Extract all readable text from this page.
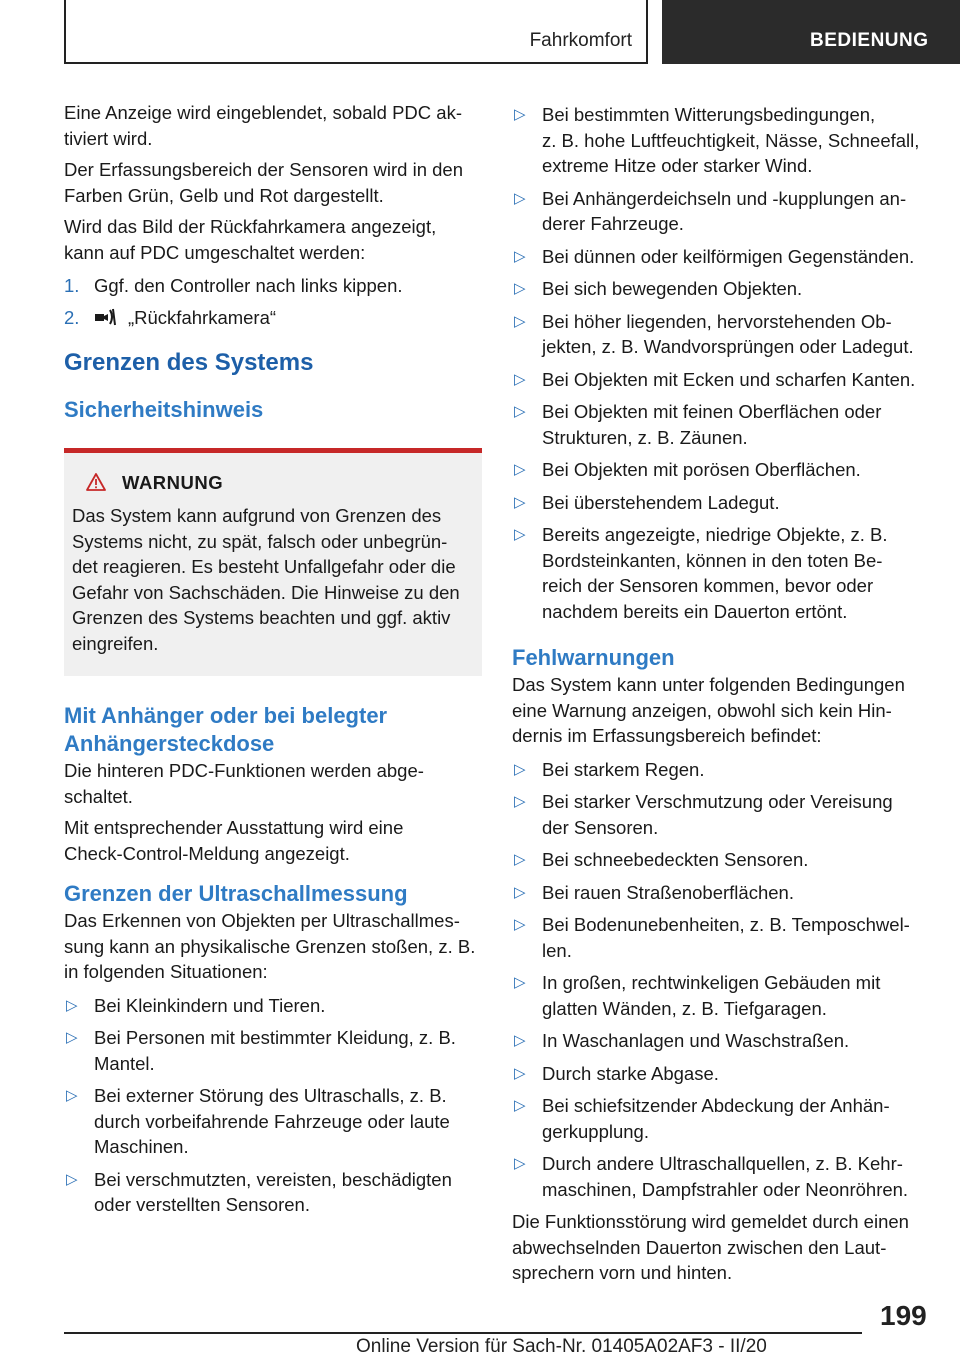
Fahrkomfort	BEDIENUNG

Eine Anzeige wird eingeblendet, sobald PDC ak-
tiviert wird.

Der Erfassungsbereich der Sensoren wird in den
Farben Grün, Gelb und Rot dargestellt.

Wird das Bild der Rückfahrkamera angezeigt,
kann auf PDC umgeschaltet werden:

1. Ggf. den Controller nach links kippen.
2.	„Rückfahrkamera“
Grenzen des Systems
Sicherheitshinweis
WARNUNG
Das System kann aufgrund von Grenzen des
Systems nicht, zu spät, falsch oder unbegrün-
det reagieren. Es besteht Unfallgefahr oder die
Gefahr von Sachschäden. Die Hinweise zu den
Grenzen des Systems beachten und ggf. aktiv
eingreifen.
Mit Anhänger oder bei belegter
Anhängersteckdose

Die hinteren PDC-Funktionen werden abge-
schaltet.

Mit entsprechender Ausstattung wird eine
Check-Control-Meldung angezeigt.

Grenzen der Ultraschallmessung

Das Erkennen von Objekten per Ultraschallmes-
sung kann an physikalische Grenzen stoßen, z. B.
in folgenden Situationen:

▷ Bei Kleinkindern und Tieren.
▷ Bei Personen mit bestimmter Kleidung, z. B.
Mantel.
▷ Bei externer Störung des Ultraschalls, z. B.
durch vorbeifahrende Fahrzeuge oder laute
Maschinen.
▷ Bei verschmutzten, vereisten, beschädigten
oder verstellten Sensoren.
▷ Bei bestimmten Witterungsbedingungen,
z. B. hohe Luftfeuchtigkeit, Nässe, Schneefall,
extreme Hitze oder starker Wind.
▷ Bei Anhängerdeichseln und -kupplungen an-
derer Fahrzeuge.
▷ Bei dünnen oder keilförmigen Gegenständen.
▷ Bei sich bewegenden Objekten.
▷ Bei höher liegenden, hervorstehenden Ob-
jekten, z. B. Wandvorsprüngen oder Ladegut.
▷ Bei Objekten mit Ecken und scharfen Kanten.
▷ Bei Objekten mit feinen Oberflächen oder
Strukturen, z. B. Zäunen.
▷ Bei Objekten mit porösen Oberflächen.
▷ Bei überstehendem Ladegut.
▷ Bereits angezeigte, niedrige Objekte, z. B.
Bordsteinkanten, können in den toten Be-
reich der Sensoren kommen, bevor oder
nachdem bereits ein Dauerton ertönt.
Fehlwarnungen

Das System kann unter folgenden Bedingungen
eine Warnung anzeigen, obwohl sich kein Hin-
dernis im Erfassungsbereich befindet:

▷ Bei starkem Regen.
▷ Bei starker Verschmutzung oder Vereisung
der Sensoren.
▷ Bei schneebedeckten Sensoren.
▷ Bei rauen Straßenoberflächen.
▷ Bei Bodenunebenheiten, z. B. Temposchwel-
len.
▷ In großen, rechtwinkeligen Gebäuden mit
glatten Wänden, z. B. Tiefgaragen.
▷ In Waschanlagen und Waschstraßen.
▷ Durch starke Abgase.
▷ Bei schiefsitzender Abdeckung der Anhän-
gerkupplung.
▷ Durch andere Ultraschallquellen, z. B. Kehr-
maschinen, Dampfstrahler oder Neonröhren.

Die Funktionsstörung wird gemeldet durch einen
abwechselnden Dauerton zwischen den Laut-
sprechern vorn und hinten.

199
Online Version für Sach-Nr. 01405A02AF3 - II/20
